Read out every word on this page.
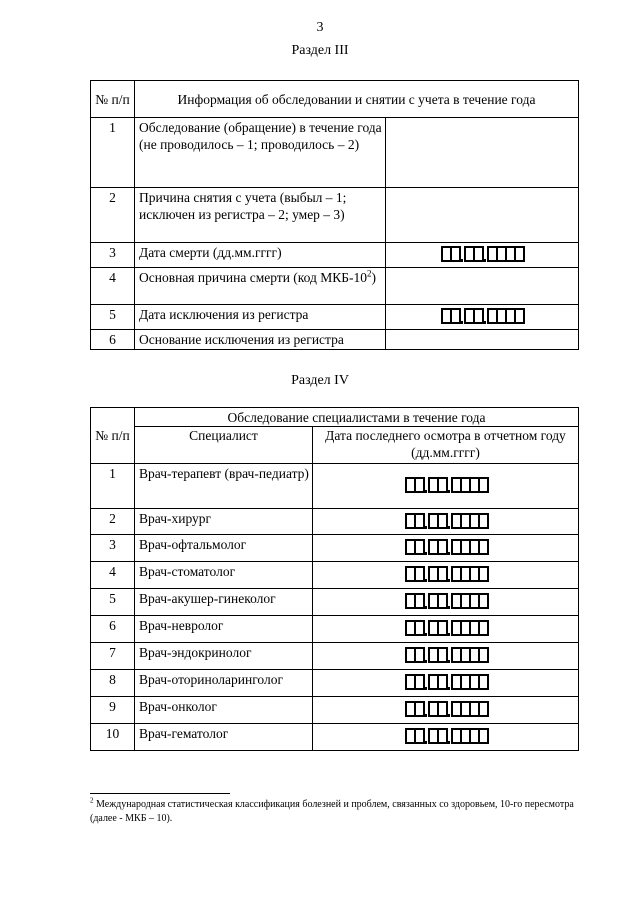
3
Раздел III
№ п/п	Информация об обследовании и снятии с учета в течение года	
1	Обследование (обращение) в течение года (не проводилось – 1; проводилось – 2)	
2	Причина снятия с учета (выбыл – 1; исключен из регистра – 2; умер – 3)	
3	Дата смерти (дд.мм.гггг)	

4	Основная причина смерти (код МКБ-$10^2$)	
5	Дата исключения из регистра	

6	Основание исключения из регистра	
Раздел IV
№ п/п	Обследование специалистами в течение года	
	Специалист	Дата последнего осмотра в отчетном году (дд.мм.гггг)
1	Врач-терапевт (врач-педиатр)	

2	Врач-хирург	

3	Врач-офтальмолог	

4	Врач-стоматолог	

5	Врач-акушер-гинеколог	

6	Врач-невролог	

7	Врач-эндокринолог	

8	Врач-оториноларинголог	

9	Врач-онколог	

10	Врач-гематолог	
$^2$ Международная статистическая классификация болезней и проблем, связанных со здоровьем, 10-го пересмотра (далее - МКБ – 10).
